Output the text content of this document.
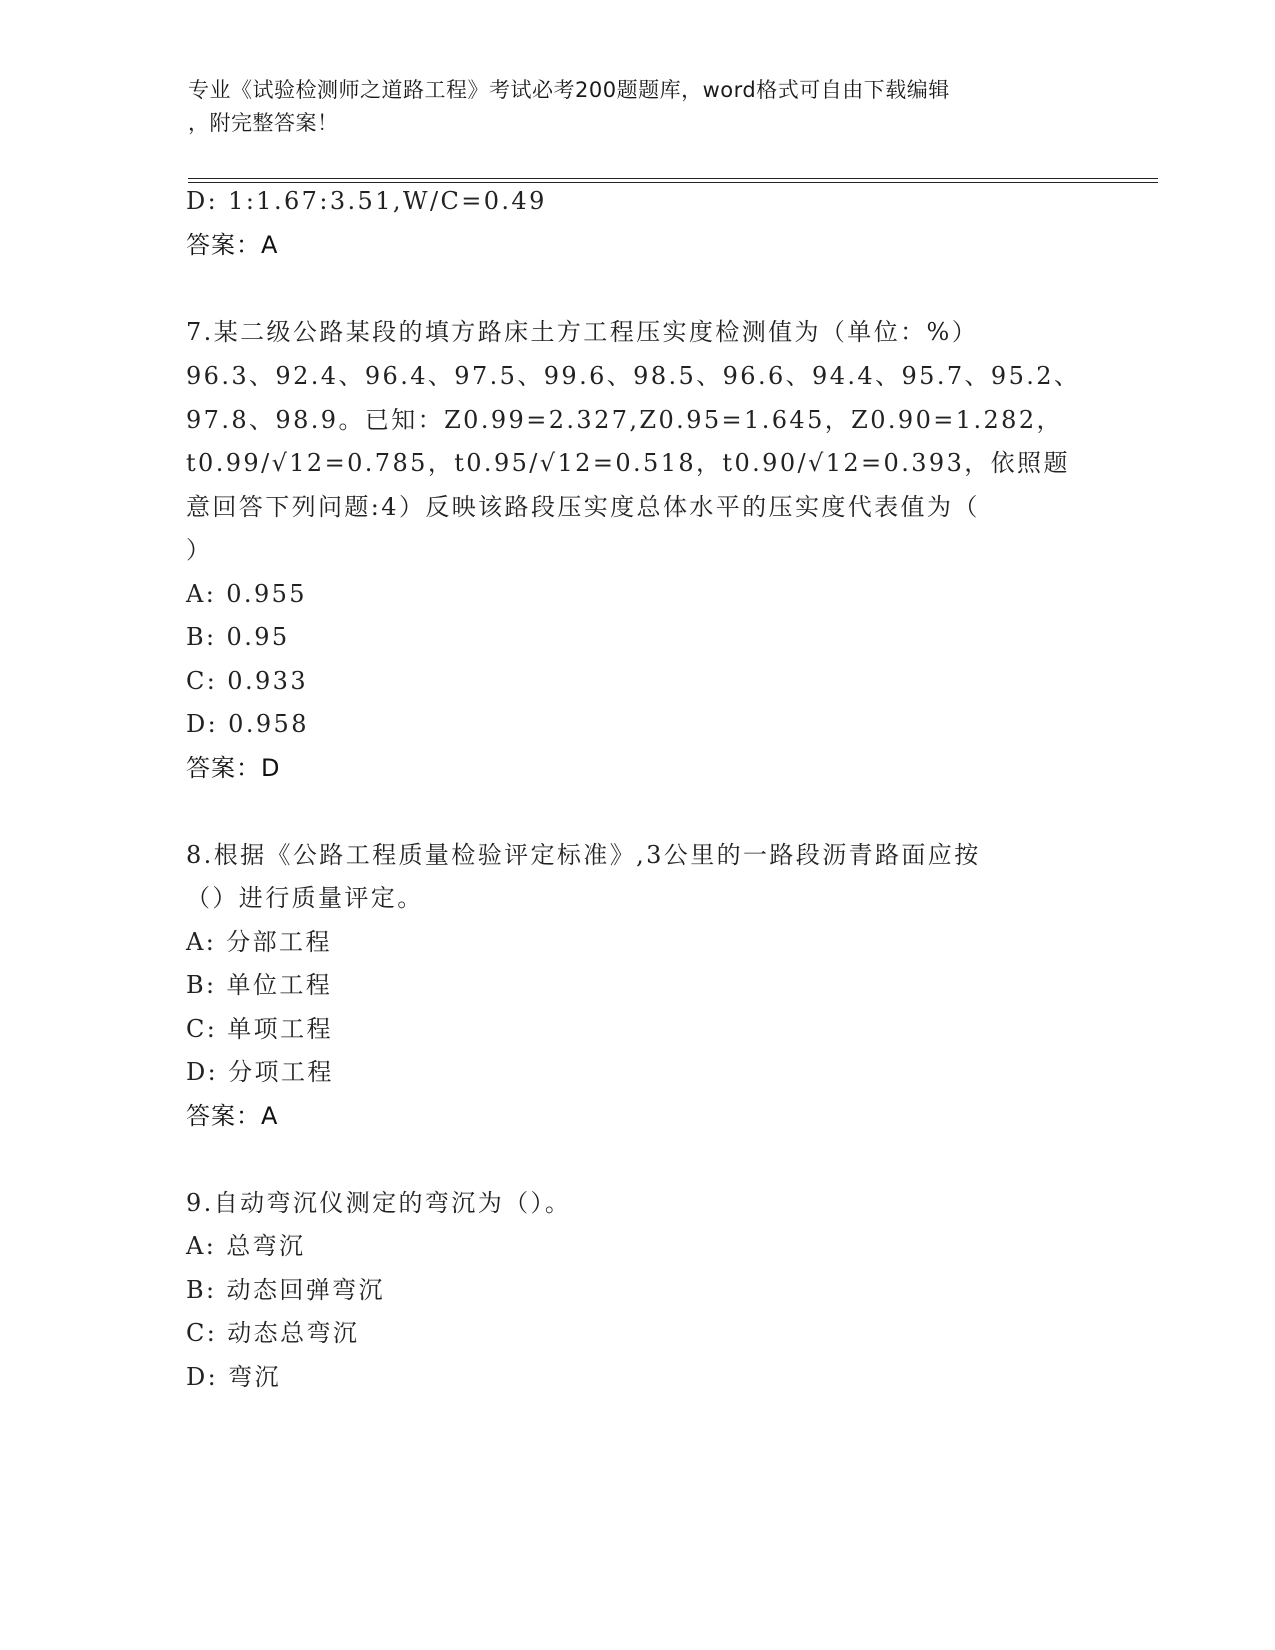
专业《试验检测师之道路工程》考试必考200题题库，word格式可自由下载编辑
，附完整答案！
D: 1:1.67:3.51,W/C=0.49
答案：A
7.某二级公路某段的填方路床土方工程压实度检测值为（单位：%）
96.3、92.4、96.4、97.5、99.6、98.5、96.6、94.4、95.7、95.2、
97.8、98.9。已知：Z0.99=2.327,Z0.95=1.645，Z0.90=1.282，
t0.99/√12=0.785，t0.95/√12=0.518，t0.90/√12=0.393，依照题
意回答下列问题:4）反映该路段压实度总体水平的压实度代表值为（
）
A: 0.955
B: 0.95
C: 0.933
D: 0.958
答案：D
8.根据《公路工程质量检验评定标准》,3公里的一路段沥青路面应按
（）进行质量评定。
A: 分部工程
B: 单位工程
C: 单项工程
D: 分项工程
答案：A
9.自动弯沉仪测定的弯沉为（）。
A: 总弯沉
B: 动态回弹弯沉
C: 动态总弯沉
D: 弯沉
